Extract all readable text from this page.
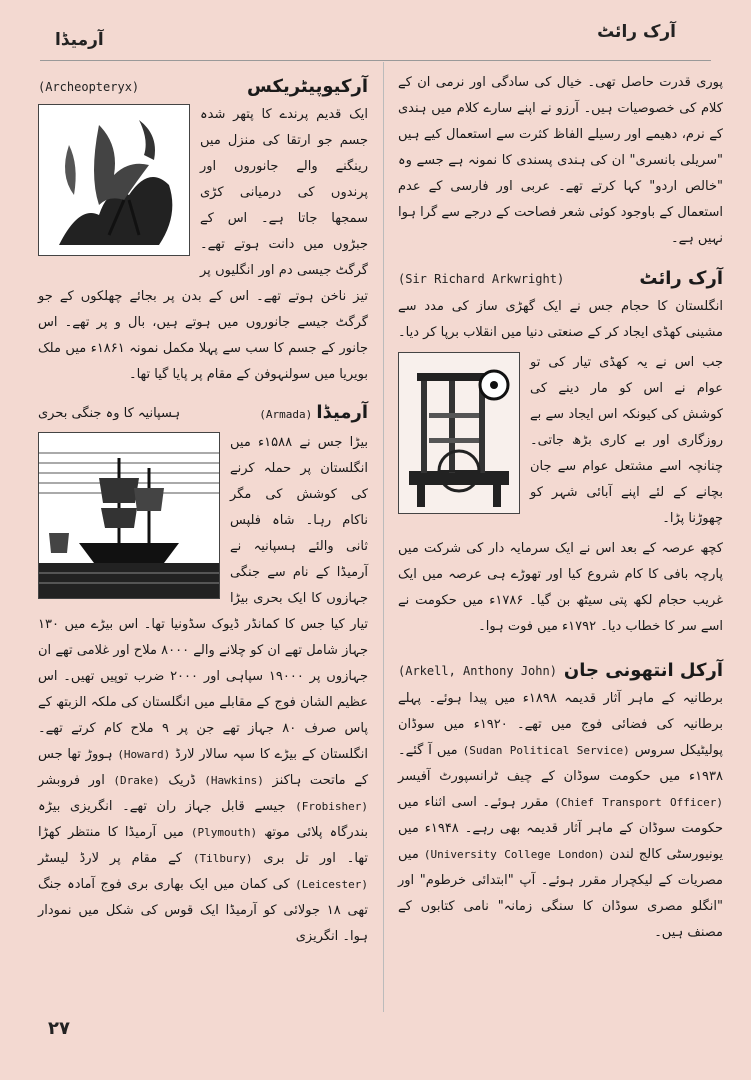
آرمیڈا	آرک رائٹ

پوری قدرت حاصل تھی۔ خیال کی سادگی اور نرمی ان کے کلام کی خصوصیات ہیں۔ آرزو نے اپنے سارے کلام میں ہندی کے نرم، دھیمے اور رسیلے الفاظ کثرت سے استعمال کیے ہیں "سریلی بانسری" ان کی ہندی پسندی کا نمونہ ہے جسے وہ "خالص اردو" کہا کرتے تھے۔ عربی اور فارسی کے عدم استعمال کے باوجود کوئی شعر فصاحت کے درجے سے گرا ہوا نہیں ہے۔

آرک رائٹ
(Sir Richard Arkwright)

انگلستان کا حجام جس نے ایک گھڑی ساز کی مدد سے مشینی کھڈی ایجاد کر کے صنعتی دنیا میں انقلاب برپا کر دیا۔

جب اس نے یہ کھڈی تیار کی تو عوام نے اس کو مار دینے کی کوشش کی کیونکہ اس ایجاد سے بے روزگاری اور بے کاری بڑھ جاتی۔ چنانچہ اسے مشتعل عوام سے جان بچانے کے لئے اپنے آبائی شہر کو چھوڑنا پڑا۔

کچھ عرصہ کے بعد اس نے ایک سرمایہ دار کی شرکت میں پارچہ بافی کا کام شروع کیا اور تھوڑے ہی عرصہ میں ایک غریب حجام لکھ پتی سیٹھ بن گیا۔ ۱۷۸۶ء میں حکومت نے اسے سر کا خطاب دیا۔ ۱۷۹۲ء میں فوت ہوا۔

آرکل انتھونی جان
(Arkell, Anthony John)

برطانیہ کے ماہر آثار قدیمہ ۱۸۹۸ء میں پیدا ہوئے۔ پہلے برطانیہ کی فضائی فوج میں تھے۔ ۱۹۲۰ء میں سوڈان پولیٹیکل سروس (Sudan Political Service) میں آ گئے۔ ۱۹۳۸ء میں حکومت سوڈان کے چیف ٹرانسپورٹ آفیسر (Chief Transport Officer) مقرر ہوئے۔ اسی اثناء میں حکومت سوڈان کے ماہر آثار قدیمہ بھی رہے۔ ۱۹۴۸ء میں یونیورسٹی کالج لندن (University College London) میں مصریات کے لیکچرار مقرر ہوئے۔ آپ "ابتدائی خرطوم" اور "انگلو مصری سوڈان کا سنگی زمانہ" نامی کتابوں کے مصنف ہیں۔

آرکیوپیٹریکس
(Archeopteryx)

ایک قدیم پرندے کا پتھر شدہ جسم جو ارتقا کی منزل میں رینگنے والے جانوروں اور پرندوں کی درمیانی کڑی سمجھا جاتا ہے۔ اس کے جبڑوں میں دانت ہوتے تھے۔ گرگٹ جیسی دم اور انگلیوں پر تیز ناخن ہوتے تھے۔ اس کے بدن پر بجائے چھلکوں کے جو گرگٹ جیسے جانوروں میں ہوتے ہیں، بال و پر تھے۔ اس جانور کے جسم کا سب سے پہلا مکمل نمونہ ۱۸۶۱ء میں ملک بویریا میں سولنہوفن کے مقام پر پایا گیا تھا۔

آرمیڈا (Armada)
ہسپانیہ کا وہ جنگی بحری

بیڑا جس نے ۱۵۸۸ء میں انگلستان پر حملہ کرنے کی کوشش کی مگر ناکام رہا۔ شاہ فلپس ثانی والئے ہسپانیہ نے آرمیڈا کے نام سے جنگی جہازوں کا ایک بحری بیڑا تیار کیا جس کا کمانڈر ڈیوک سڈونیا تھا۔ اس بیڑے میں ۱۳۰ جہاز شامل تھے ان کو چلانے والے ۸۰۰۰ ملاح اور غلامی تھے ان جہازوں پر ۱۹۰۰۰ سپاہی اور ۲۰۰۰ ضرب توپیں تھیں۔ اس عظیم الشان فوج کے مقابلے میں انگلستان کی ملکہ الزبتھ کے پاس صرف ۸۰ جہاز تھے جن پر ۹ ملاح کام کرتے تھے۔ انگلستان کے بیڑے کا سپہ سالار لارڈ (Howard) ہووڑ تھا جس کے ماتحت ہاکنز (Hawkins) ڈریک (Drake) اور فروبشر (Frobisher) جیسے قابل جہاز ران تھے۔ انگریزی بیڑہ بندرگاہ پلائی موتھ (Plymouth) میں آرمیڈا کا منتظر کھڑا تھا۔ اور تل بری (Tilbury) کے مقام پر لارڈ لیسٹر (Leicester) کی کمان میں ایک بھاری بری فوج آمادہ جنگ تھی ۱۸ جولائی کو آرمیڈا ایک قوس کی شکل میں نمودار ہوا۔ انگریزی

۲۷
